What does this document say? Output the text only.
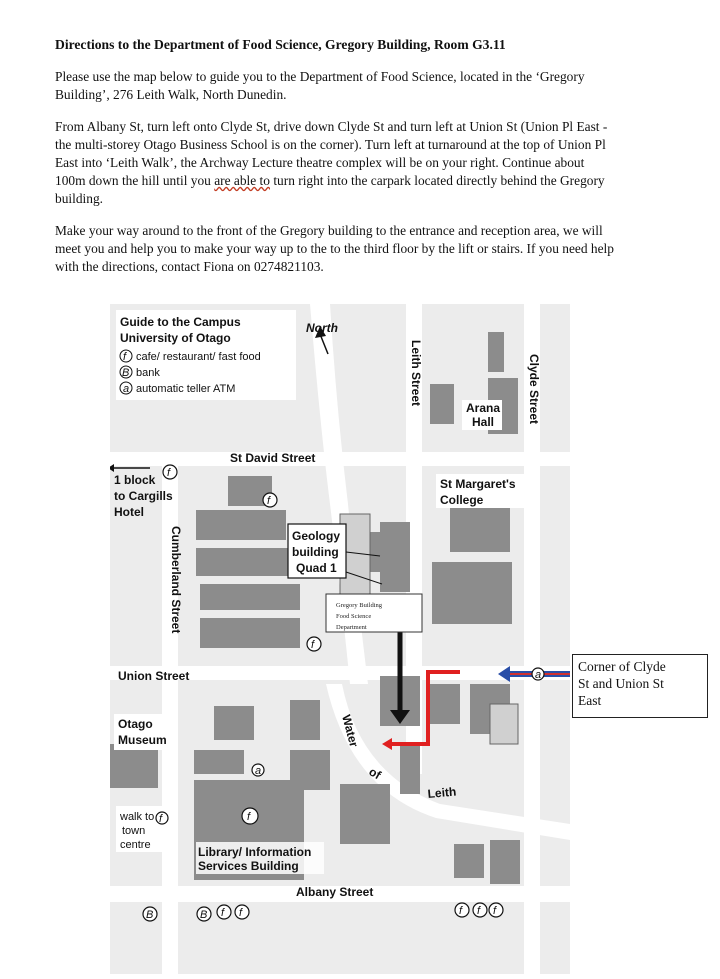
Directions to the Department of Food Science, Gregory Building, Room G3.11

Please use the map below to guide you to the Department of Food Science, located in the ‘Gregory Building’, 276 Leith Walk, North Dunedin.

From Albany St, turn left onto Clyde St, drive down Clyde St and turn left at Union St (Union Pl East -the multi-storey Otago Business School is on the corner). Turn left at turnaround at the top of Union Pl East into ‘Leith Walk’, the Archway Lecture theatre complex will be on your right. Continue about 100m down the hill until you are able to turn right into the carpark located directly behind the Gregory building.

Make your way around to the front of the Gregory building to the entrance and reception area, we will meet you and help you to make your way up to the to the third floor by the lift or stairs. If you need help with the directions, contact Fiona on 0274821103.

North
Guide to the Campus
University of Otago
f cafe/ restaurant/ fast food
B bank
a automatic teller ATM	Leith Street	Clyde Street
St David Street
Cumberland Street
Union Street
Albany Street
Water
of
Leith
Arana
Hall
1 block
to Cargills
Hotel
St Margaret's
College
Geology
building
Quad 1
Gregory Building
Food Science
Department
Otago
Museum
walk to
town
centre	Library/ Information
Services Building
f
f
f
f
f
f f	f f f
B	B
a
a
Corner of Clyde
St and Union St
East
